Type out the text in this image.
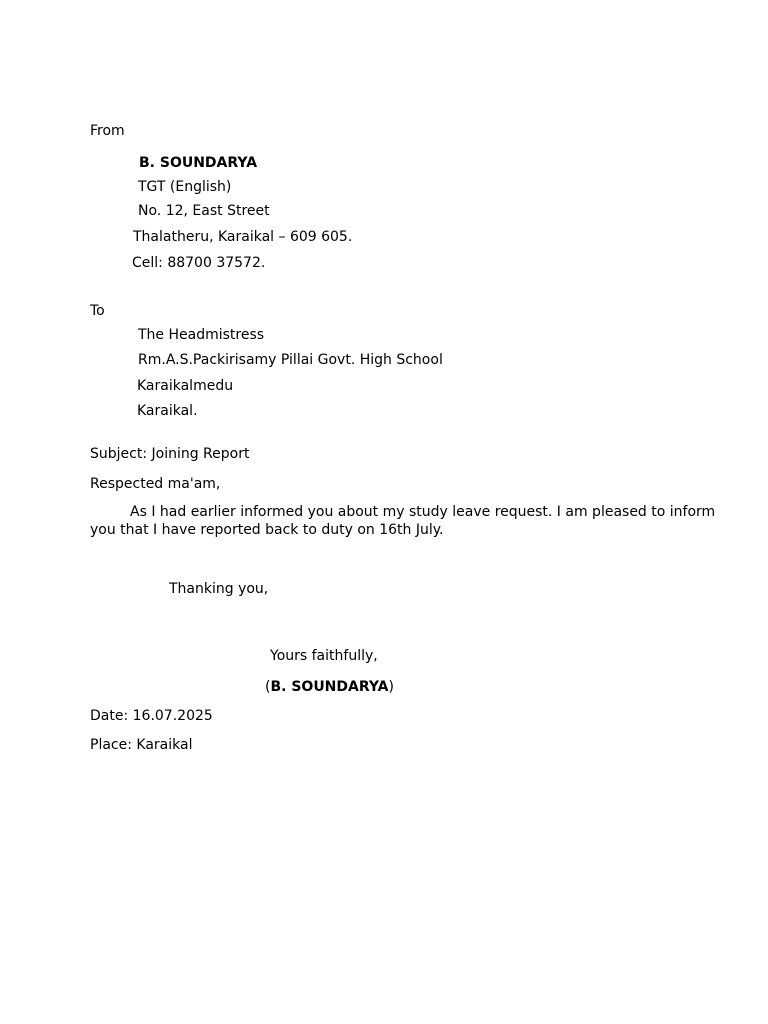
From
B. SOUNDARYA
TGT (English)
No. 12, East Street
Thalatheru, Karaikal – 609 605.
Cell: 88700 37572.
To
The Headmistress
Rm.A.S.Packirisamy Pillai Govt. High School
Karaikalmedu
Karaikal.
Subject: Joining Report
Respected ma'am,
As I had earlier informed you about my study leave request. I am pleased to inform you that I have reported back to duty on 16th July.
Thanking you,
Yours faithfully,
(B. SOUNDARYA)
Date: 16.07.2025
Place: Karaikal
